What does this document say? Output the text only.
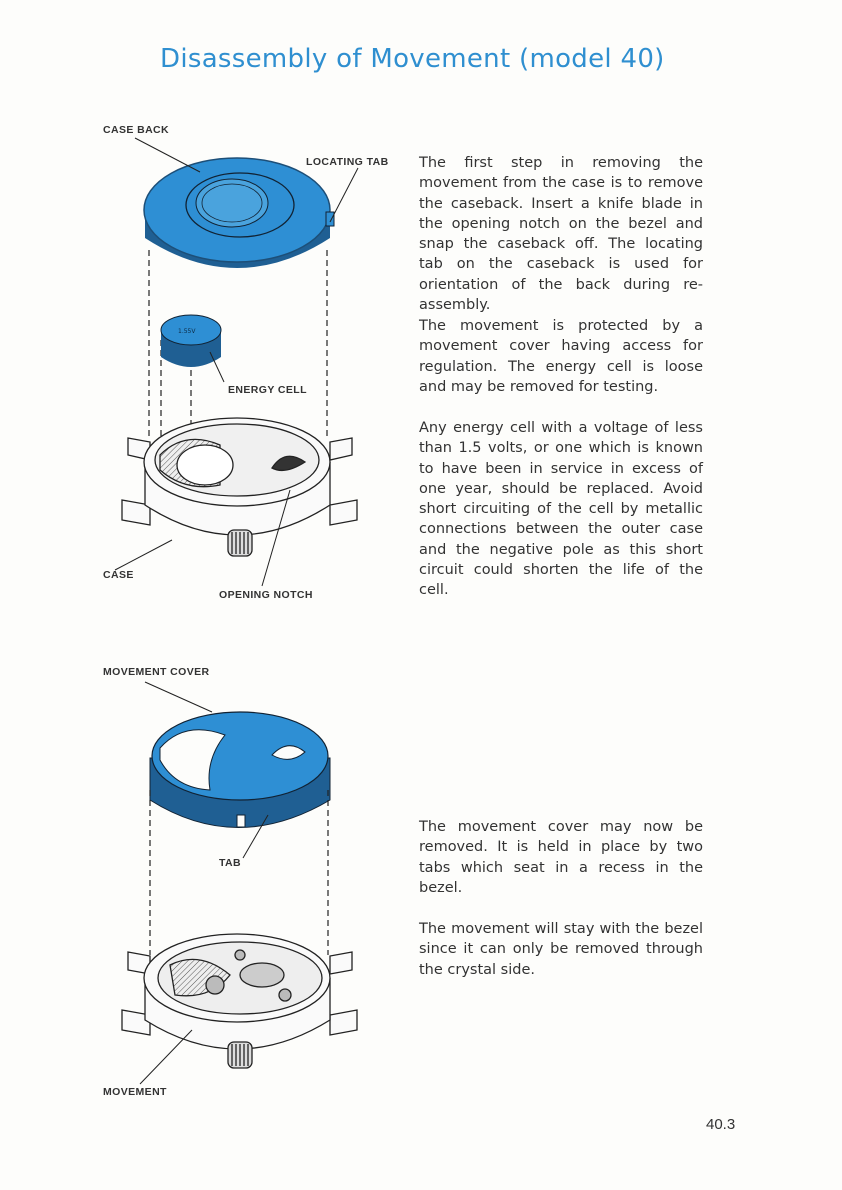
Disassembly of Movement (model 40)
1.55V
CASE BACK
LOCATING TAB
ENERGY CELL
CASE
OPENING NOTCH
MOVEMENT COVER
TAB
MOVEMENT

The first step in removing the movement from the case is to remove the caseback. Insert a knife blade in the opening notch on the bezel and snap the caseback off. The locating tab on the caseback is used for orientation of the back during re-assembly.

The movement is protected by a movement cover having access for regulation. The energy cell is loose and may be removed for testing.

Any energy cell with a voltage of less than 1.5 volts, or one which is known to have been in service in excess of one year, should be replaced. Avoid short circuiting of the cell by metallic connections between the outer case and the negative pole as this short circuit could shorten the life of the cell.

The movement cover may now be removed. It is held in place by two tabs which seat in a recess in the bezel.

The movement will stay with the bezel since it can only be removed through the crystal side.

40.3
